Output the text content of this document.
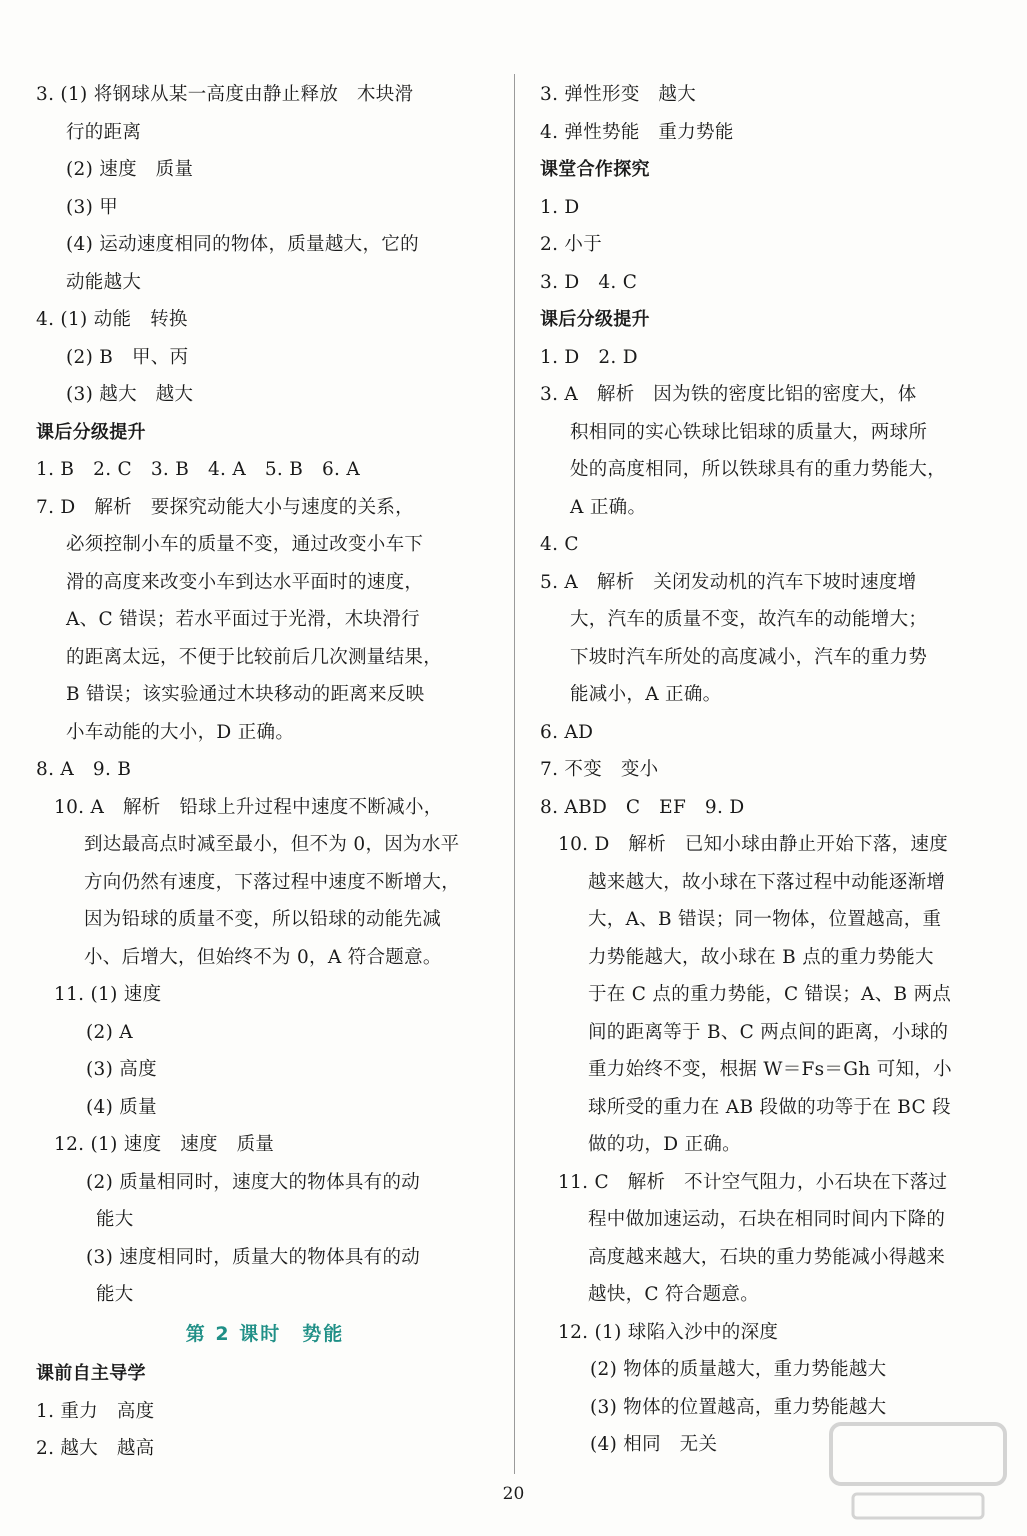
3. (1) 将钢球从某一高度由静止释放　木块滑
行的距离
(2) 速度　质量
(3) 甲
(4) 运动速度相同的物体，质量越大，它的
动能越大
4. (1) 动能　转换
(2) B　甲、丙
(3) 越大　越大
课后分级提升
1. B　2. C　3. B　4. A　5. B　6. A
7. D　解析　要探究动能大小与速度的关系，
必须控制小车的质量不变，通过改变小车下
滑的高度来改变小车到达水平面时的速度，
A、C 错误；若水平面过于光滑，木块滑行
的距离太远，不便于比较前后几次测量结果，
B 错误；该实验通过木块移动的距离来反映
小车动能的大小，D 正确。
8. A　9. B
10. A　解析　铅球上升过程中速度不断减小，
到达最高点时减至最小，但不为 0，因为水平
方向仍然有速度，下落过程中速度不断增大，
因为铅球的质量不变，所以铅球的动能先减
小、后增大，但始终不为 0，A 符合题意。
11. (1) 速度
(2) A
(3) 高度
(4) 质量
12. (1) 速度　速度　质量
(2) 质量相同时，速度大的物体具有的动
能大
(3) 速度相同时，质量大的物体具有的动
能大
第 2 课时　势能
课前自主导学
1. 重力　高度
2. 越大　越高
3. 弹性形变　越大
4. 弹性势能　重力势能
课堂合作探究
1. D
2. 小于
3. D　4. C
课后分级提升
1. D　2. D
3. A　解析　因为铁的密度比铝的密度大，体
积相同的实心铁球比铝球的质量大，两球所
处的高度相同，所以铁球具有的重力势能大，
A 正确。
4. C
5. A　解析　关闭发动机的汽车下坡时速度增
大，汽车的质量不变，故汽车的动能增大；
下坡时汽车所处的高度减小，汽车的重力势
能减小，A 正确。
6. AD
7. 不变　变小
8. ABD　C　EF　9. D
10. D　解析　已知小球由静止开始下落，速度
越来越大，故小球在下落过程中动能逐渐增
大，A、B 错误；同一物体，位置越高，重
力势能越大，故小球在 B 点的重力势能大
于在 C 点的重力势能，C 错误；A、B 两点
间的距离等于 B、C 两点间的距离，小球的
重力始终不变，根据 W＝Fs＝Gh 可知，小
球所受的重力在 AB 段做的功等于在 BC 段
做的功，D 正确。
11. C　解析　不计空气阻力，小石块在下落过
程中做加速运动，石块在相同时间内下降的
高度越来越大，石块的重力势能减小得越来
越快，C 符合题意。
12. (1) 球陷入沙中的深度
(2) 物体的质量越大，重力势能越大
(3) 物体的位置越高，重力势能越大
(4) 相同　无关
20
